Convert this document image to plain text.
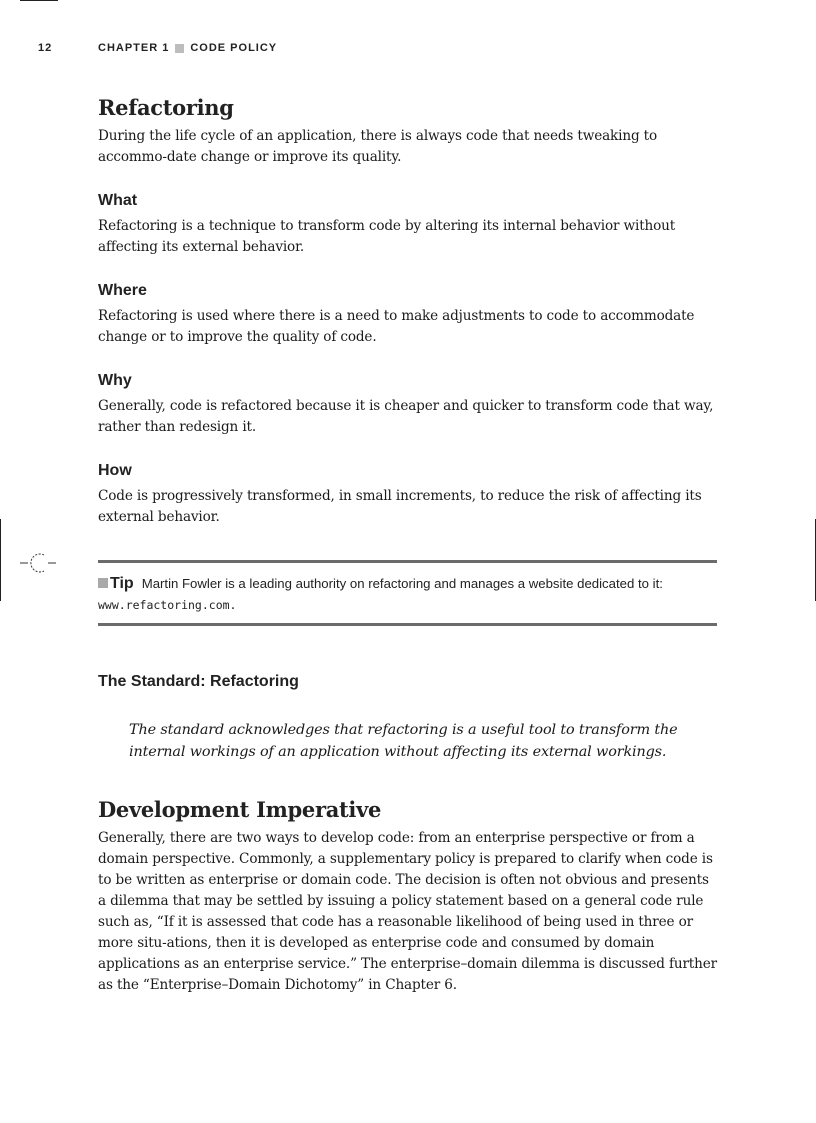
12	CHAPTER 1 CODE POLICY
Refactoring

During the life cycle of an application, there is always code that needs tweaking to accommo-date change or improve its quality.

What

Refactoring is a technique to transform code by altering its internal behavior without affecting its external behavior.

Where

Refactoring is used where there is a need to make adjustments to code to accommodate change or to improve the quality of code.

Why

Generally, code is refactored because it is cheaper and quicker to transform code that way, rather than redesign it.

How

Code is progressively transformed, in small increments, to reduce the risk of affecting its external behavior.

Tip Martin Fowler is a leading authority on refactoring and manages a website dedicated to it:
www.refactoring.com.
The Standard: Refactoring

The standard acknowledges that refactoring is a useful tool to transform the internal workings of an application without affecting its external workings.

Development Imperative

Generally, there are two ways to develop code: from an enterprise perspective or from a domain perspective. Commonly, a supplementary policy is prepared to clarify when code is to be written as enterprise or domain code. The decision is often not obvious and presents a dilemma that may be settled by issuing a policy statement based on a general code rule such as, “If it is assessed that code has a reasonable likelihood of being used in three or more situ-ations, then it is developed as enterprise code and consumed by domain applications as an enterprise service.” The enterprise–domain dilemma is discussed further as the “Enterprise–Domain Dichotomy” in Chapter 6.
